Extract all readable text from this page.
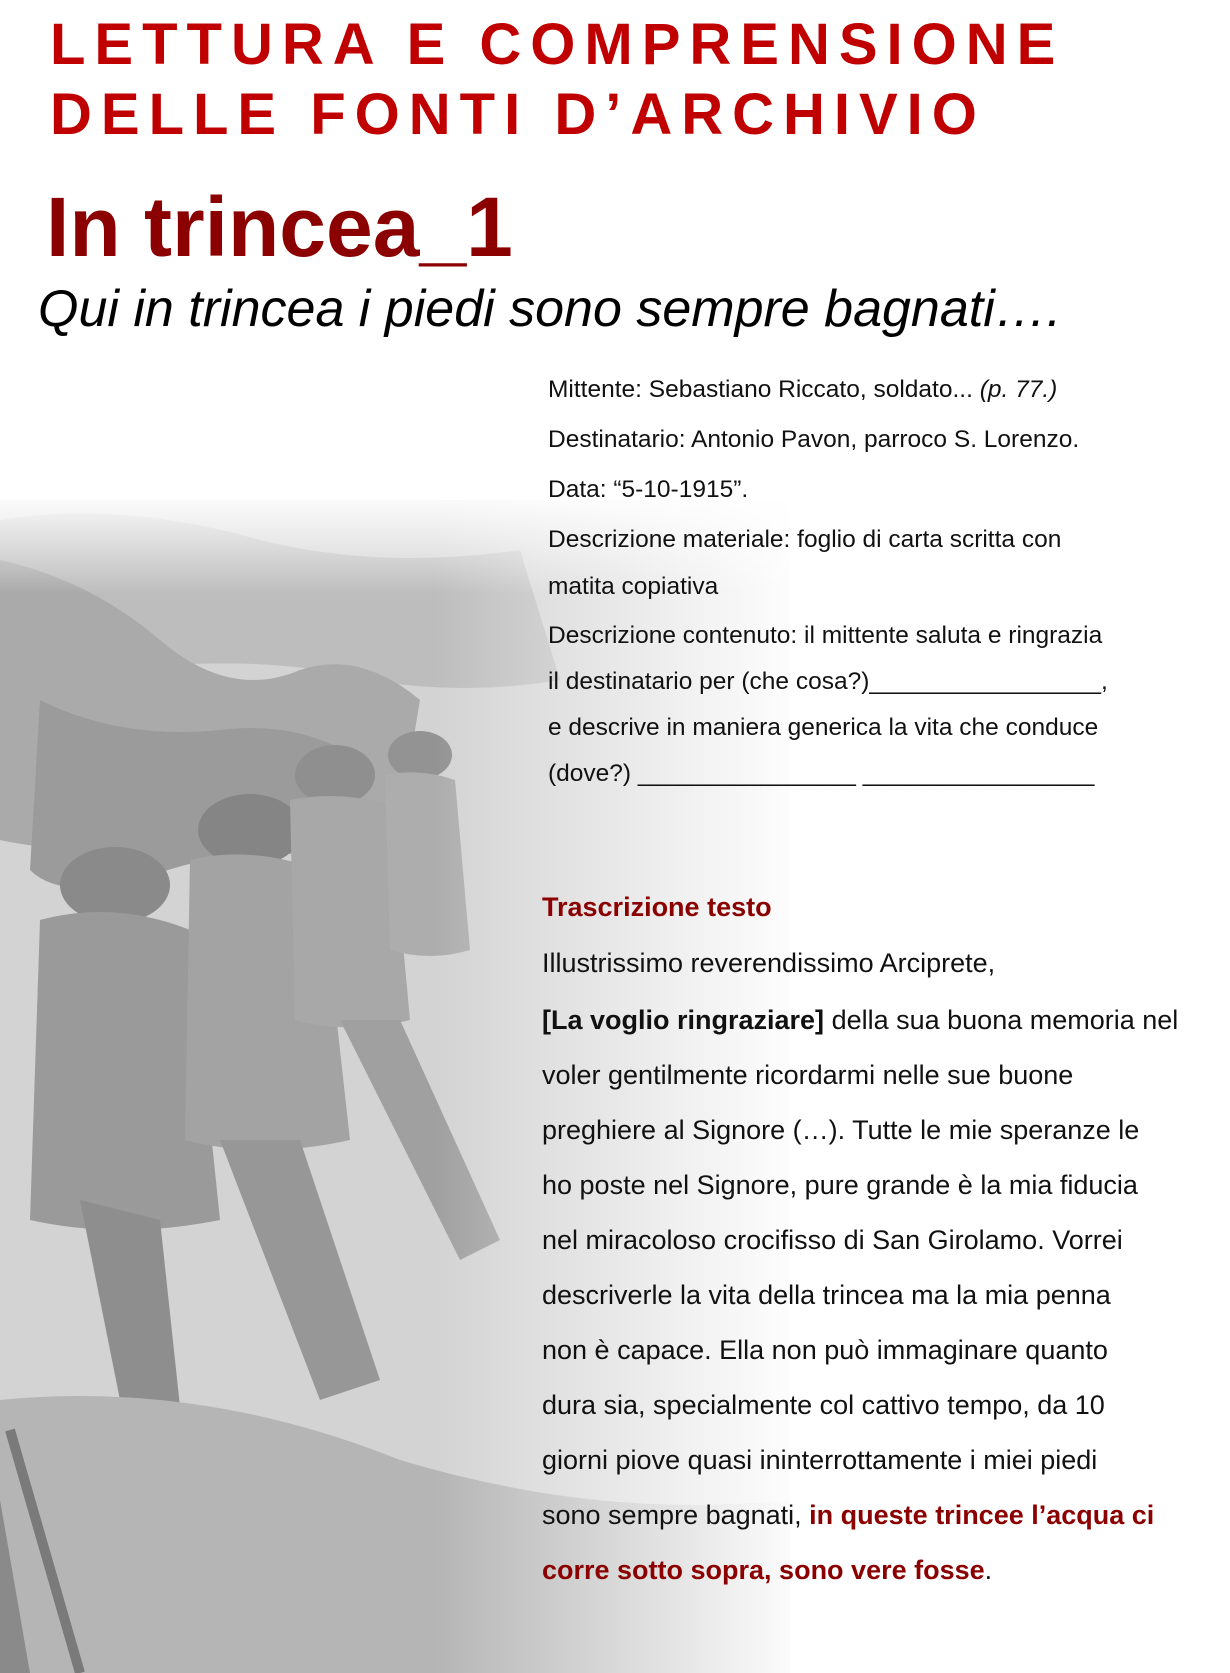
LETTURA E COMPRENSIONE
DELLE FONTI D’ARCHIVIO
In trincea_1
Qui in trincea i piedi sono sempre bagnati….

Mittente: Sebastiano Riccato, soldato... (p. 77.)

Destinatario: Antonio Pavon, parroco S. Lorenzo.

Data: “5-10-1915”.

Descrizione materiale: foglio di carta scritta con

matita copiativa

Descrizione contenuto: il mittente saluta e ringrazia

il destinatario per (che cosa?)_________________,

e descrive in maniera generica la vita che conduce

(dove?) ________________ _________________

Trascrizione testo
Illustrissimo reverendissimo Arciprete,
[La voglio ringraziare] della sua buona memoria nel
voler gentilmente ricordarmi nelle sue buone
preghiere al Signore (…). Tutte le mie speranze le
ho poste nel Signore, pure grande è la mia fiducia
nel miracoloso crocifisso di San Girolamo. Vorrei
descriverle la vita della trincea ma la mia penna
non è capace. Ella non può immaginare quanto
dura sia, specialmente col cattivo tempo, da 10
giorni piove quasi ininterrottamente i miei piedi
sono sempre bagnati, in queste trincee l’acqua ci
corre sotto sopra, sono vere fosse.
